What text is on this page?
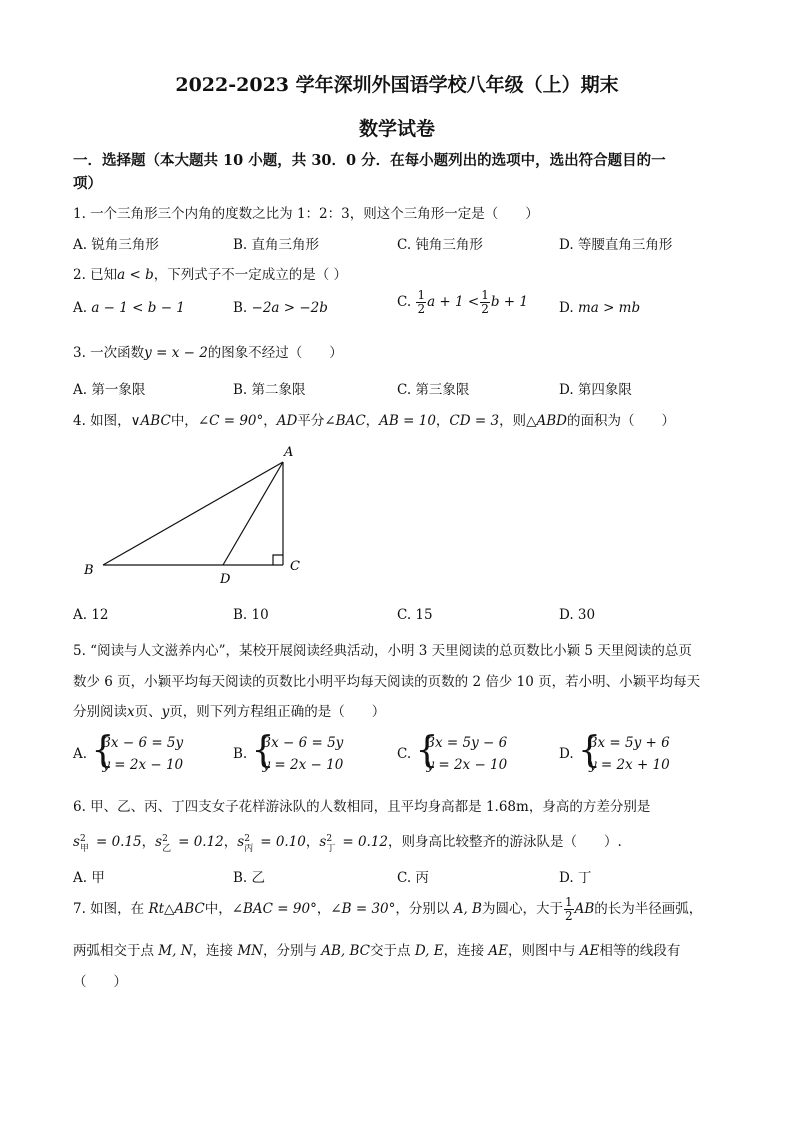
2022-2023 学年深圳外国语学校八年级（上）期末
数学试卷
一．选择题（本大题共 10 小题，共 30．0 分．在每小题列出的选项中，选出符合题目的一
项）
1. 一个三角形三个内角的度数之比为 1：2：3，则这个三角形一定是（　　）
A. 锐角三角形	B. 直角三角形	C. 钝角三角形	D. 等腰直角三角形
2. 已知a < b，下列式子不一定成立的是（ ）
A. a − 1 < b − 1	B. −2a > −2b	C. $\frac{1}{2}$ $a + 1 < \frac{1}{2}$ b + 1 D. ma > mb
3. 一次函数y = x − 2的图象不经过（　　）
A. 第一象限	B. 第二象限	C. 第三象限	D. 第四象限
4. 如图，∨ABC中，∠C = 90°，AD平分∠BAC，AB = 10，CD = 3，则△ABD的面积为（　　）
A
B	C
D
A. 12	B. 10	C. 15	D. 30
5. “阅读与人文滋养内心”，某校开展阅读经典活动，小明 3 天里阅读的总页数比小颖 5 天里阅读的总页
数少 6 页，小颖平均每天阅读的页数比小明平均每天阅读的页数的 2 倍少 10 页，若小明、小颖平均每天
分别阅读x页、y页，则下列方程组正确的是（　　）
A. {
3x − 6 = 5y
y = 2x − 10
B. {
3x − 6 = 5y
y = 2x − 10
C. {
3x = 5y − 6
y = 2x − 10
D. {
3x = 5y + 6
y = 2x + 10
6. 甲、乙、丙、丁四支女子花样游泳队的人数相同，且平均身高都是 1.68m，身高的方差分别是
$s^2$
甲 = 0.15，$s^2$
乙 = 0.12，$s^2$
丙 = 0.10，$s^2$
丁 = 0.12，则身高比较整齐的游泳队是（　　）.
A. 甲	B. 乙	C. 丙	D. 丁
7. 如图，在 Rt△ABC中，∠BAC = 90°，∠B = 30°，分别以 A, B为圆心，大于 $\frac{1}{2}$ AB的长为半径画弧，
两弧相交于点 M, N，连接 MN，分别与 AB, BC交于点 D, E，连接 AE，则图中与 AE相等的线段有
（　　）
